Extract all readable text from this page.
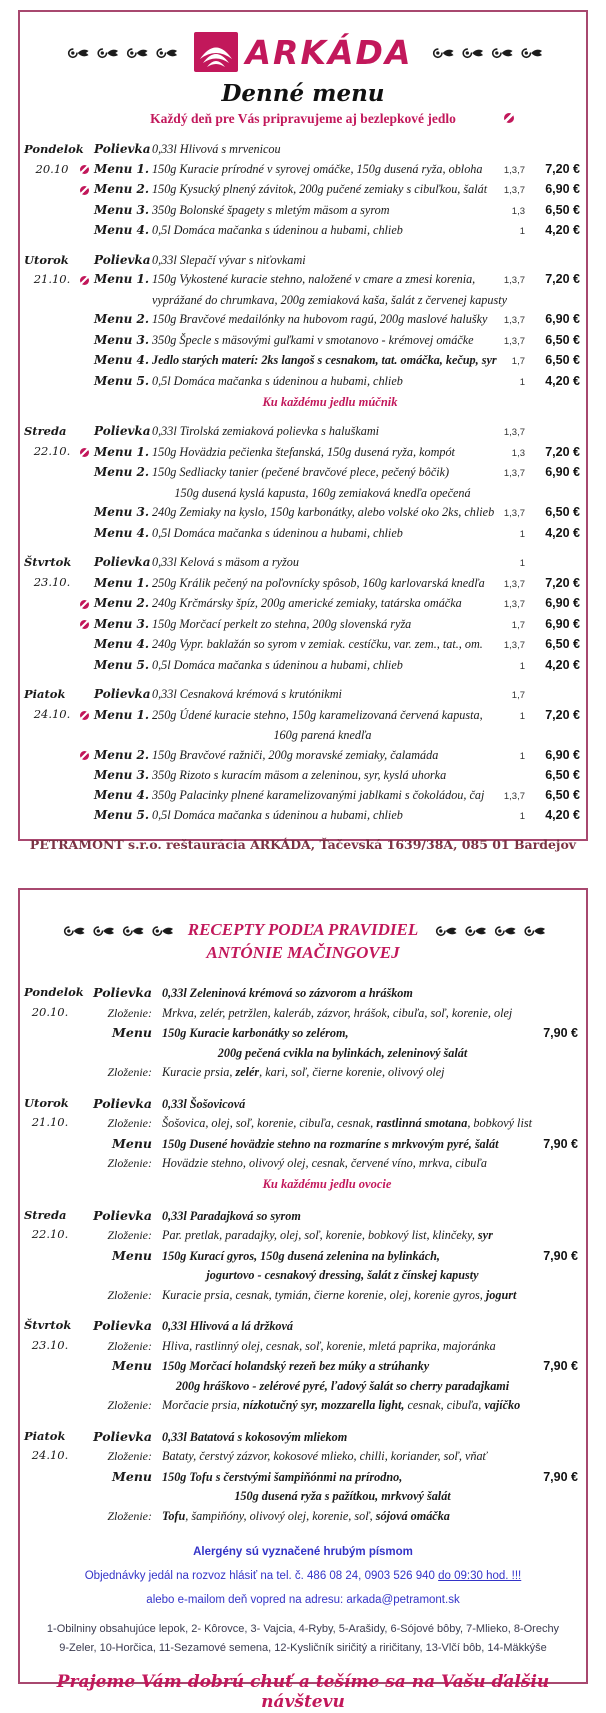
ARKÁDA
Denné menu
Každý deň pre Vás pripravujeme aj bezlepkové jedlo
Pondelok
20.10
Polievka 0,33l Hlivová s mrvenicou
Menu 1. 150g Kuracie prírodné v syrovej omáčke, 150g dusená ryža, obloha	1,3,7	7,20 €
Menu 2. 150g Kysucký plnený závitok, 200g pučené zemiaky s cibuľkou, šalát	1,3,7	6,90 €
Menu 3. 350g Bolonské špagety s mletým mäsom a syrom	1,3	6,50 €
Menu 4. 0,5l Domáca mačanka s údeninou a hubami, chlieb	1	4,20 €
Utorok
21.10.
Polievka 0,33l Slepačí vývar s niťovkami
Menu 1. 150g Vykostené kuracie stehno, naložené v cmare a zmesi korenia,	1,3,7	7,20 €
vyprážané do chrumkava, 200g zemiaková kaša, šalát z červenej kapusty
Menu 2. 150g Bravčové medailónky na hubovom ragú, 200g maslové halušky	1,3,7	6,90 €
Menu 3. 350g Špecle s mäsovými guľkami v smotanovo - krémovej omáčke	1,3,7	6,50 €
Menu 4. Jedlo starých materí: 2ks langoš s cesnakom, tat. omáčka, kečup, syr	1,7	6,50 €
Menu 5. 0,5l Domáca mačanka s údeninou a hubami, chlieb	1	4,20 €
Ku každému jedlu múčnik
Streda
22.10.
Polievka 0,33l Tirolská zemiaková polievka s haluškami	1,3,7
Menu 1. 150g Hovädzia pečienka štefanská, 150g dusená ryža, kompót	1,3	7,20 €
Menu 2. 150g Sedliacky tanier (pečené bravčové plece, pečený bôčik)	1,3,7	6,90 €
150g dusená kyslá kapusta, 160g zemiaková knedľa opečená
Menu 3. 240g Zemiaky na kyslo, 150g karbonátky, alebo volské oko 2ks, chlieb	1,3,7	6,50 €
Menu 4. 0,5l Domáca mačanka s údeninou a hubami, chlieb	1	4,20 €
Štvrtok
23.10.
Polievka 0,33l Kelová s mäsom a ryžou	1
Menu 1. 250g Králik pečený na poľovnícky spôsob, 160g karlovarská knedľa	1,3,7	7,20 €
Menu 2. 240g Krčmársky špíz, 200g americké zemiaky, tatárska omáčka	1,3,7	6,90 €
Menu 3. 150g Morčací perkelt zo stehna, 200g slovenská ryža	1,7	6,90 €
Menu 4. 240g Vypr. baklažán so syrom v zemiak. cestíčku, var. zem., tat., om.	1,3,7	6,50 €
Menu 5. 0,5l Domáca mačanka s údeninou a hubami, chlieb	1	4,20 €
Piatok
24.10.
Polievka 0,33l Cesnaková krémová s krutónikmi	1,7
Menu 1. 250g Údené kuracie stehno, 150g karamelizovaná červená kapusta,	1	7,20 €
160g parená knedľa
Menu 2. 150g Bravčové ražniči, 200g moravské zemiaky, čalamáda	1	6,90 €
Menu 3. 350g Rizoto s kuracím mäsom a zeleninou, syr, kyslá uhorka	6,50 €
Menu 4. 350g Palacinky plnené karamelizovanými jablkami s čokoládou, čaj	1,3,7	6,50 €
Menu 5. 0,5l Domáca mačanka s údeninou a hubami, chlieb	1	4,20 €
PETRAMONT s.r.o. reštaurácia ARKÁDA, Ťačevská 1639/38A, 085 01 Bardejov
RECEPTY PODĽA PRAVIDIEL
ANTÓNIE MAČINGOVEJ
Pondelok
20.10.
Polievka 0,33l Zeleninová krémová so zázvorom a hráškom
Zloženie: Mrkva, zelér, petržlen, kaleráb, zázvor, hrášok, cibuľa, soľ, korenie, olej
Menu 150g Kuracie karbonátky so zelérom,	7,90 €
200g pečená cvikla na bylinkách, zeleninový šalát
Zloženie: Kuracie prsia, zelér, kari, soľ, čierne korenie, olivový olej
Utorok
21.10.
Polievka 0,33l Šošovicová
Zloženie: Šošovica, olej, soľ, korenie, cibuľa, cesnak, rastlinná smotana, bobkový list
Menu 150g Dusené hovädzie stehno na rozmaríne s mrkvovým pyré, šalát	7,90 €
Zloženie: Hovädzie stehno, olivový olej, cesnak, červené víno, mrkva, cibuľa
Ku každému jedlu ovocie
Streda
22.10.
Polievka 0,33l Paradajková so syrom
Zloženie: Par. pretlak, paradajky, olej, soľ, korenie, bobkový list, klinčeky, syr
Menu 150g Kurací gyros, 150g dusená zelenina na bylinkách,	7,90 €
jogurtovo - cesnakový dressing, šalát z čínskej kapusty
Zloženie: Kuracie prsia, cesnak, tymián, čierne korenie, olej, korenie gyros, jogurt
Štvrtok
23.10.
Polievka 0,33l Hlivová a lá držková
Zloženie: Hliva, rastlinný olej, cesnak, soľ, korenie, mletá paprika, majoránka
Menu 150g Morčací holandský rezeň bez múky a strúhanky	7,90 €
200g hráškovo - zelérové pyré, ľadový šalát so cherry paradajkami
Zloženie: Morčacie prsia, nízkotučný syr, mozzarella light, cesnak, cibuľa, vajíčko
Piatok
24.10.
Polievka 0,33l Batatová s kokosovým mliekom
Zloženie: Bataty, čerstvý zázvor, kokosové mlieko, chilli, koriander, soľ, vňať
Menu 150g Tofu s čerstvými šampiňónmi na prírodno,	7,90 €
150g dusená ryža s pažítkou, mrkvový šalát
Zloženie: Tofu, šampiňóny, olivový olej, korenie, soľ, sójová omáčka
Alergény sú vyznačené hrubým písmom
Objednávky jedál na rozvoz hlásiť na tel. č. 486 08 24, 0903 526 940 do 09:30 hod. !!!
alebo e-mailom deň vopred na adresu: arkada@petramont.sk
1-Obilniny obsahujúce lepok, 2- Kôrovce, 3- Vajcia, 4-Ryby, 5-Arašidy, 6-Sójové bôby, 7-Mlieko, 8-Orechy
9-Zeler, 10-Horčica, 11-Sezamové semena, 12-Kysličník siričitý a riričitany, 13-Vlčí bôb, 14-Mäkkýše
Prajeme Vám dobrú chuť a tešíme sa na Vašu ďalšiu návštevu
